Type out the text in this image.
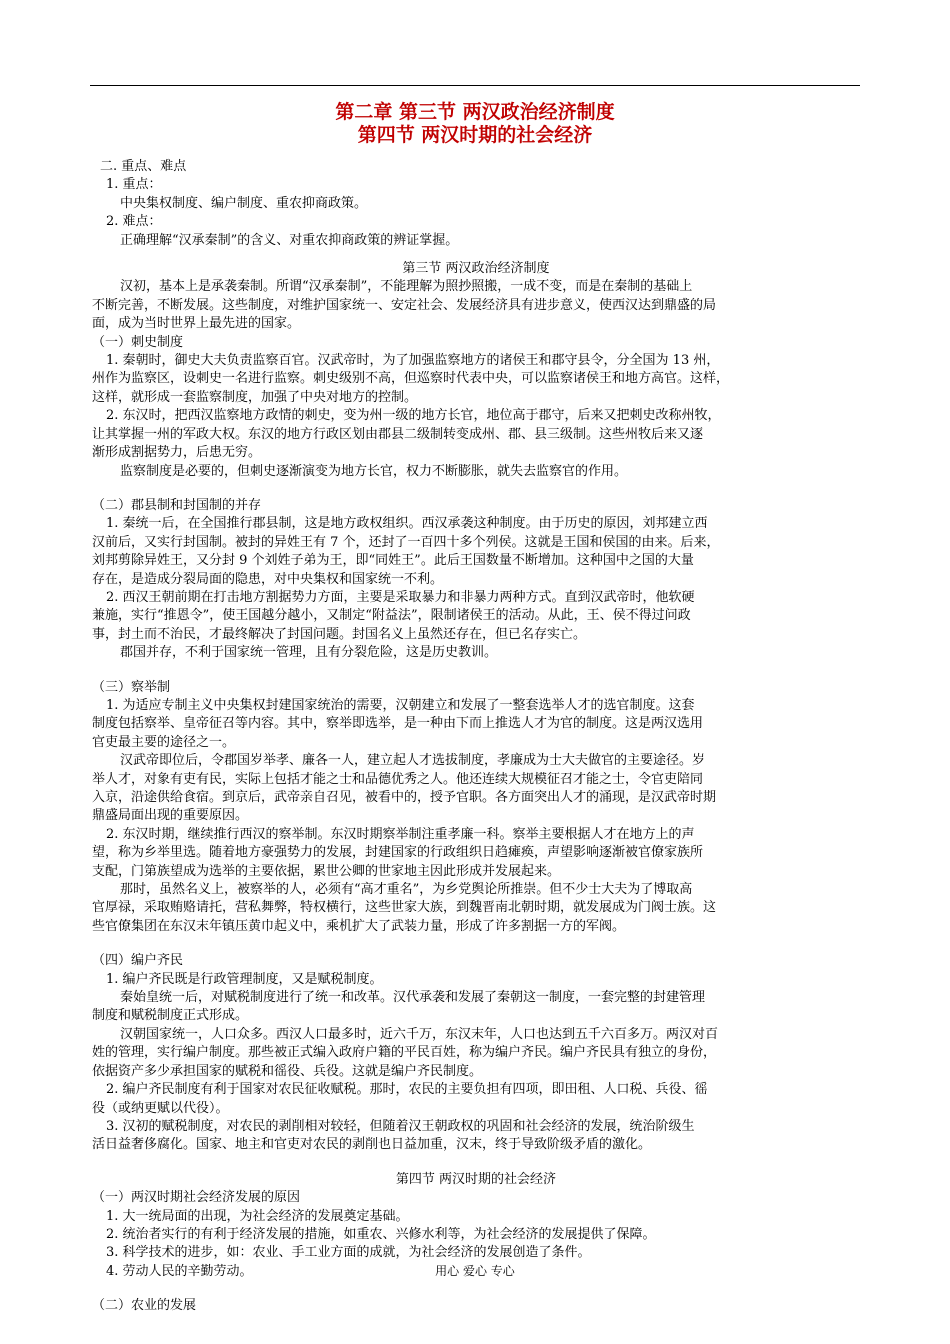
第二章 第三节 两汉政治经济制度
第四节 两汉时期的社会经济

二. 重点、难点

1. 重点：

中央集权制度、编户制度、重农抑商政策。

2. 难点：

正确理解“汉承秦制”的含义、对重农抑商政策的辨证掌握。

第三节 两汉政治经济制度

汉初，基本上是承袭秦制。所谓“汉承秦制”，不能理解为照抄照搬，一成不变，而是在秦制的基础上

不断完善，不断发展。这些制度，对维护国家统一、安定社会、发展经济具有进步意义，使西汉达到鼎盛的局

面，成为当时世界上最先进的国家。

（一）刺史制度

1. 秦朝时，御史大夫负责监察百官。汉武帝时，为了加强监察地方的诸侯王和郡守县令，分全国为 13 州，

州作为监察区，设刺史一名进行监察。刺史级别不高，但巡察时代表中央，可以监察诸侯王和地方高官。这样，

这样，就形成一套监察制度，加强了中央对地方的控制。

2. 东汉时，把西汉监察地方政情的刺史，变为州一级的地方长官，地位高于郡守，后来又把刺史改称州牧，

让其掌握一州的军政大权。东汉的地方行政区划由郡县二级制转变成州、郡、县三级制。这些州牧后来又逐

渐形成割据势力，后患无穷。

监察制度是必要的，但刺史逐渐演变为地方长官，权力不断膨胀，就失去监察官的作用。

（二）郡县制和封国制的并存

1. 秦统一后，在全国推行郡县制，这是地方政权组织。西汉承袭这种制度。由于历史的原因，刘邦建立西

汉前后，又实行封国制。被封的异姓王有 7 个，还封了一百四十多个列侯。这就是王国和侯国的由来。后来，

刘邦剪除异姓王，又分封 9 个刘姓子弟为王，即“同姓王”。此后王国数量不断增加。这种国中之国的大量

存在，是造成分裂局面的隐患，对中央集权和国家统一不利。

2. 西汉王朝前期在打击地方割据势力方面，主要是采取暴力和非暴力两种方式。直到汉武帝时，他软硬

兼施，实行“推恩令”，使王国越分越小，又制定“附益法”，限制诸侯王的活动。从此，王、侯不得过问政

事，封土而不治民，才最终解决了封国问题。封国名义上虽然还存在，但已名存实亡。

郡国并存，不利于国家统一管理，且有分裂危险，这是历史教训。

（三）察举制

1. 为适应专制主义中央集权封建国家统治的需要，汉朝建立和发展了一整套选举人才的选官制度。这套

制度包括察举、皇帝征召等内容。其中，察举即选举，是一种由下而上推选人才为官的制度。这是两汉选用

官吏最主要的途径之一。

汉武帝即位后，令郡国岁举孝、廉各一人，建立起人才选拔制度，孝廉成为士大夫做官的主要途径。岁

举人才，对象有吏有民，实际上包括才能之士和品德优秀之人。他还连续大规模征召才能之士，令官吏陪同

入京，沿途供给食宿。到京后，武帝亲自召见，被看中的，授予官职。各方面突出人才的涌现，是汉武帝时期

鼎盛局面出现的重要原因。

2. 东汉时期，继续推行西汉的察举制。东汉时期察举制注重孝廉一科。察举主要根据人才在地方上的声

望，称为乡举里选。随着地方豪强势力的发展，封建国家的行政组织日趋瘫痪，声望影响逐渐被官僚家族所

支配，门第族望成为选举的主要依据，累世公卿的世家地主因此形成并发展起来。

那时，虽然名义上，被察举的人，必须有“高才重名”，为乡党舆论所推崇。但不少士大夫为了博取高

官厚禄，采取贿赂请托，营私舞弊，特权横行，这些世家大族，到魏晋南北朝时期，就发展成为门阀士族。这

些官僚集团在东汉末年镇压黄巾起义中，乘机扩大了武装力量，形成了许多割据一方的军阀。

（四）编户齐民

1. 编户齐民既是行政管理制度，又是赋税制度。

秦始皇统一后，对赋税制度进行了统一和改革。汉代承袭和发展了秦朝这一制度，一套完整的封建管理

制度和赋税制度正式形成。

汉朝国家统一，人口众多。西汉人口最多时，近六千万，东汉末年，人口也达到五千六百多万。两汉对百

姓的管理，实行编户制度。那些被正式编入政府户籍的平民百姓，称为编户齐民。编户齐民具有独立的身份，

依据资产多少承担国家的赋税和徭役、兵役。这就是编户齐民制度。

2. 编户齐民制度有利于国家对农民征收赋税。那时，农民的主要负担有四项，即田租、人口税、兵役、徭

役（或纳更赋以代役）。

3. 汉初的赋税制度，对农民的剥削相对较轻，但随着汉王朝政权的巩固和社会经济的发展，统治阶级生

活日益奢侈腐化。国家、地主和官吏对农民的剥削也日益加重，汉末，终于导致阶级矛盾的激化。

第四节 两汉时期的社会经济

（一）两汉时期社会经济发展的原因

1. 大一统局面的出现，为社会经济的发展奠定基础。

2. 统治者实行的有利于经济发展的措施，如重农、兴修水利等，为社会经济的发展提供了保障。

3. 科学技术的进步，如：农业、手工业方面的成就，为社会经济的发展创造了条件。

4. 劳动人民的辛勤劳动。

（二）农业的发展

用心 爱心 专心
